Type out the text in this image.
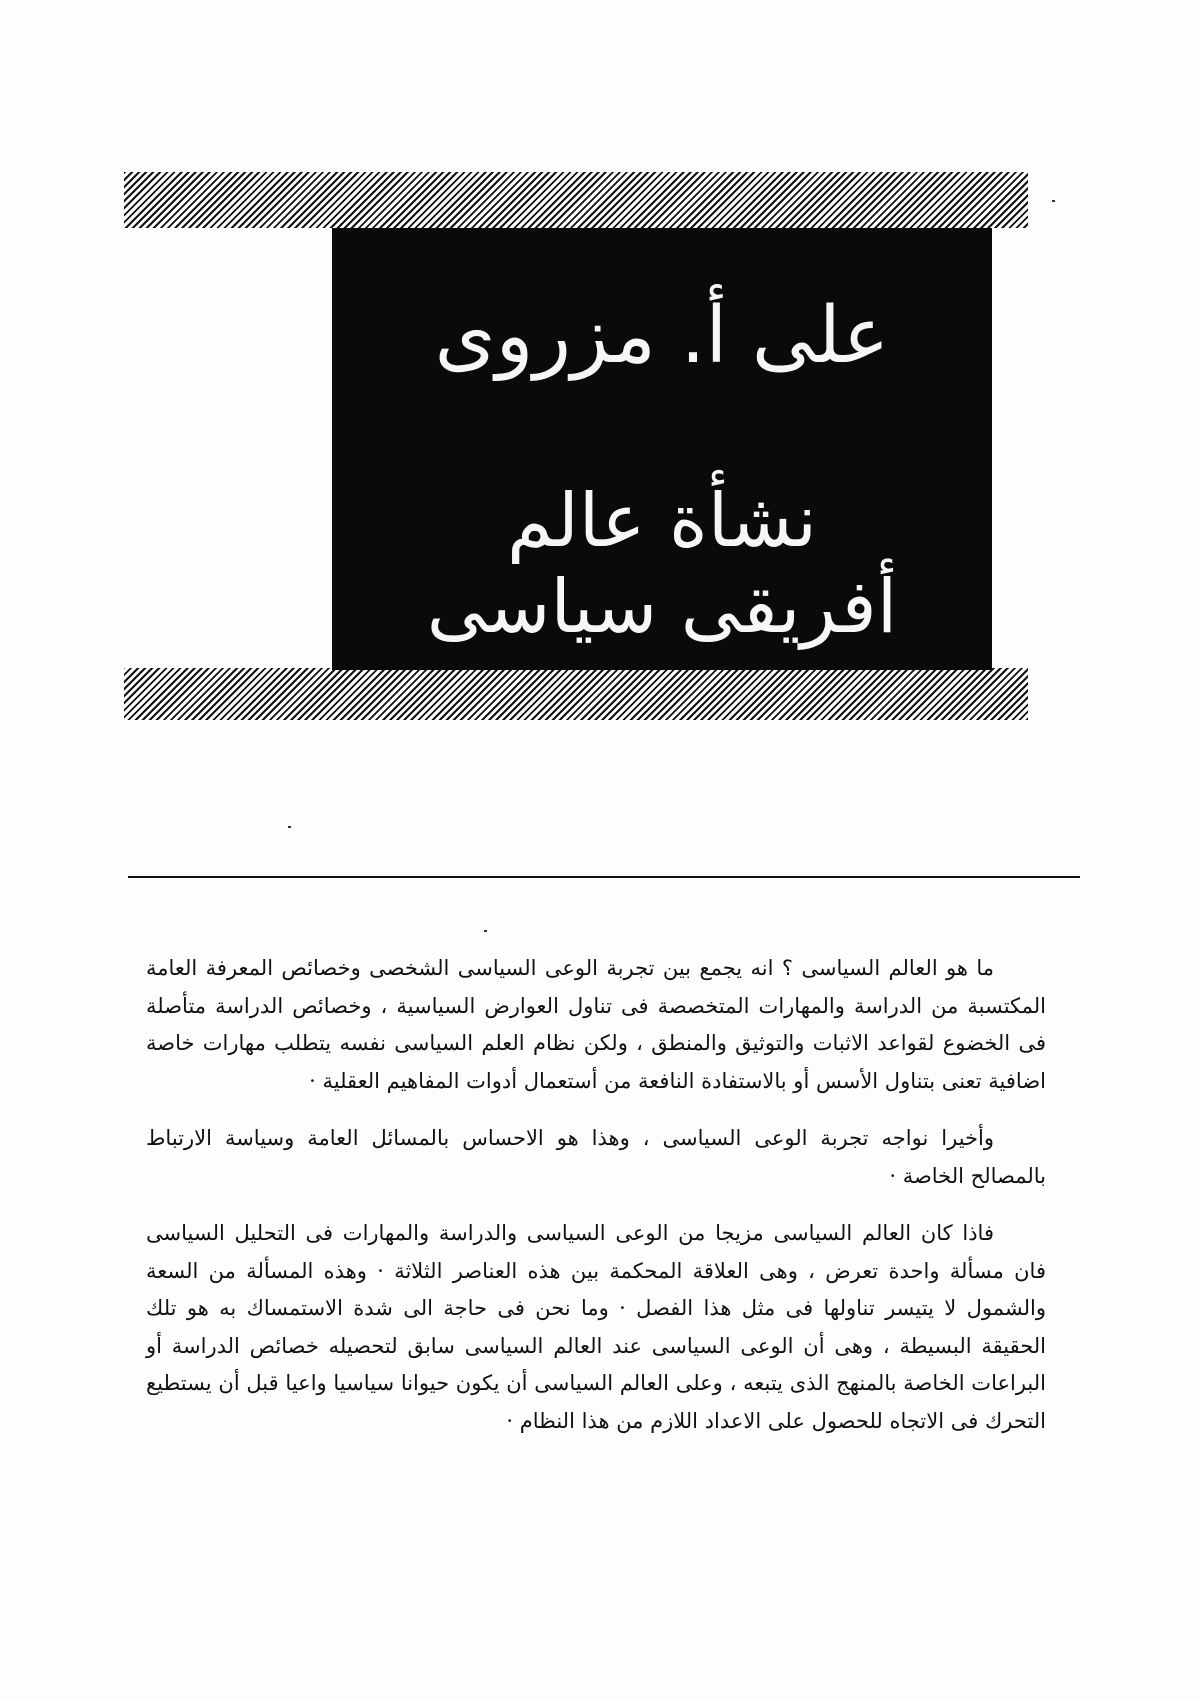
على أ. مزروى
نشأة عالم
أفريقى سياسى

ما هو العالم السياسى ؟ انه يجمع بين تجربة الوعى السياسى الشخصى وخصائص المعرفة العامة المكتسبة من الدراسة والمهارات المتخصصة فى تناول العوارض السياسية ، وخصائص الدراسة متأصلة فى الخضوع لقواعد الاثبات والتوثيق والمنطق ، ولكن نظام العلم السياسى نفسه يتطلب مهارات خاصة اضافية تعنى بتناول الأسس أو بالاستفادة النافعة من أستعمال أدوات المفاهيم العقلية ·

وأخيرا نواجه تجربة الوعى السياسى ، وهذا هو الاحساس بالمسائل العامة وسياسة الارتباط بالمصالح الخاصة ·

فاذا كان العالم السياسى مزيجا من الوعى السياسى والدراسة والمهارات فى التحليل السياسى فان مسألة واحدة تعرض ، وهى العلاقة المحكمة بين هذه العناصر الثلاثة · وهذه المسألة من السعة والشمول لا يتيسر تناولها فى مثل هذا الفصل · وما نحن فى حاجة الى شدة الاستمساك به هو تلك الحقيقة البسيطة ، وهى أن الوعى السياسى عند العالم السياسى سابق لتحصيله خصائص الدراسة أو البراعات الخاصة بالمنهج الذى يتبعه ، وعلى العالم السياسى أن يكون حيوانا سياسيا واعيا قبل أن يستطيع التحرك فى الاتجاه للحصول على الاعداد اللازم من هذا النظام ·
